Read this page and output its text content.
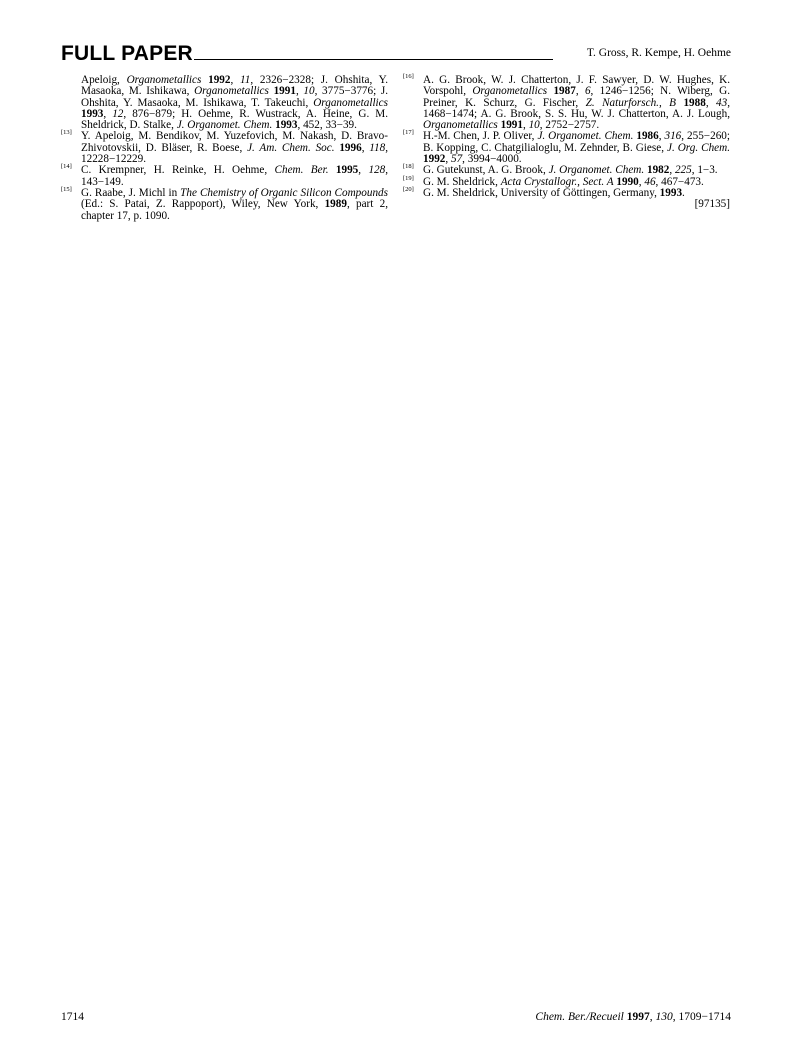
FULL PAPER	T. Gross, R. Kempe, H. Oehme

Apeloig, Organometallics 1992, 11, 2326−2328; J. Ohshita, Y. Masaoka, M. Ishikawa, Organometallics 1991, 10, 3775−3776; J. Ohshita, Y. Masaoka, M. Ishikawa, T. Takeuchi, Organometallics 1993, 12, 876−879; H. Oehme, R. Wustrack, A. Heine, G. M. Sheldrick, D. Stalke, J. Organomet. Chem. 1993, 452, 33−39.

[13] Y. Apeloig, M. Bendikov, M. Yuzefovich, M. Nakash, D. Bravo-Zhivotovskii, D. Bläser, R. Boese, J. Am. Chem. Soc. 1996, 118, 12228−12229.

[14] C. Krempner, H. Reinke, H. Oehme, Chem. Ber. 1995, 128, 143−149.

[15] G. Raabe, J. Michl in The Chemistry of Organic Silicon Compounds (Ed.: S. Patai, Z. Rappoport), Wiley, New York, 1989, part 2, chapter 17, p. 1090.

[16] A. G. Brook, W. J. Chatterton, J. F. Sawyer, D. W. Hughes, K. Vorspohl, Organometallics 1987, 6, 1246−1256; N. Wiberg, G. Preiner, K. Schurz, G. Fischer, Z. Naturforsch., B 1988, 43, 1468−1474; A. G. Brook, S. S. Hu, W. J. Chatterton, A. J. Lough, Organometallics 1991, 10, 2752−2757.

[17] H.-M. Chen, J. P. Oliver, J. Organomet. Chem. 1986, 316, 255−260; B. Kopping, C. Chatgilialoglu, M. Zehnder, B. Giese, J. Org. Chem. 1992, 57, 3994−4000.

[18] G. Gutekunst, A. G. Brook, J. Organomet. Chem. 1982, 225, 1−3.

[19] G. M. Sheldrick, Acta Crystallogr., Sect. A 1990, 46, 467−473.

[20] G. M. Sheldrick, University of Göttingen, Germany, 1993.

[97135]
1714	Chem. Ber./Recueil 1997, 130, 1709−1714
